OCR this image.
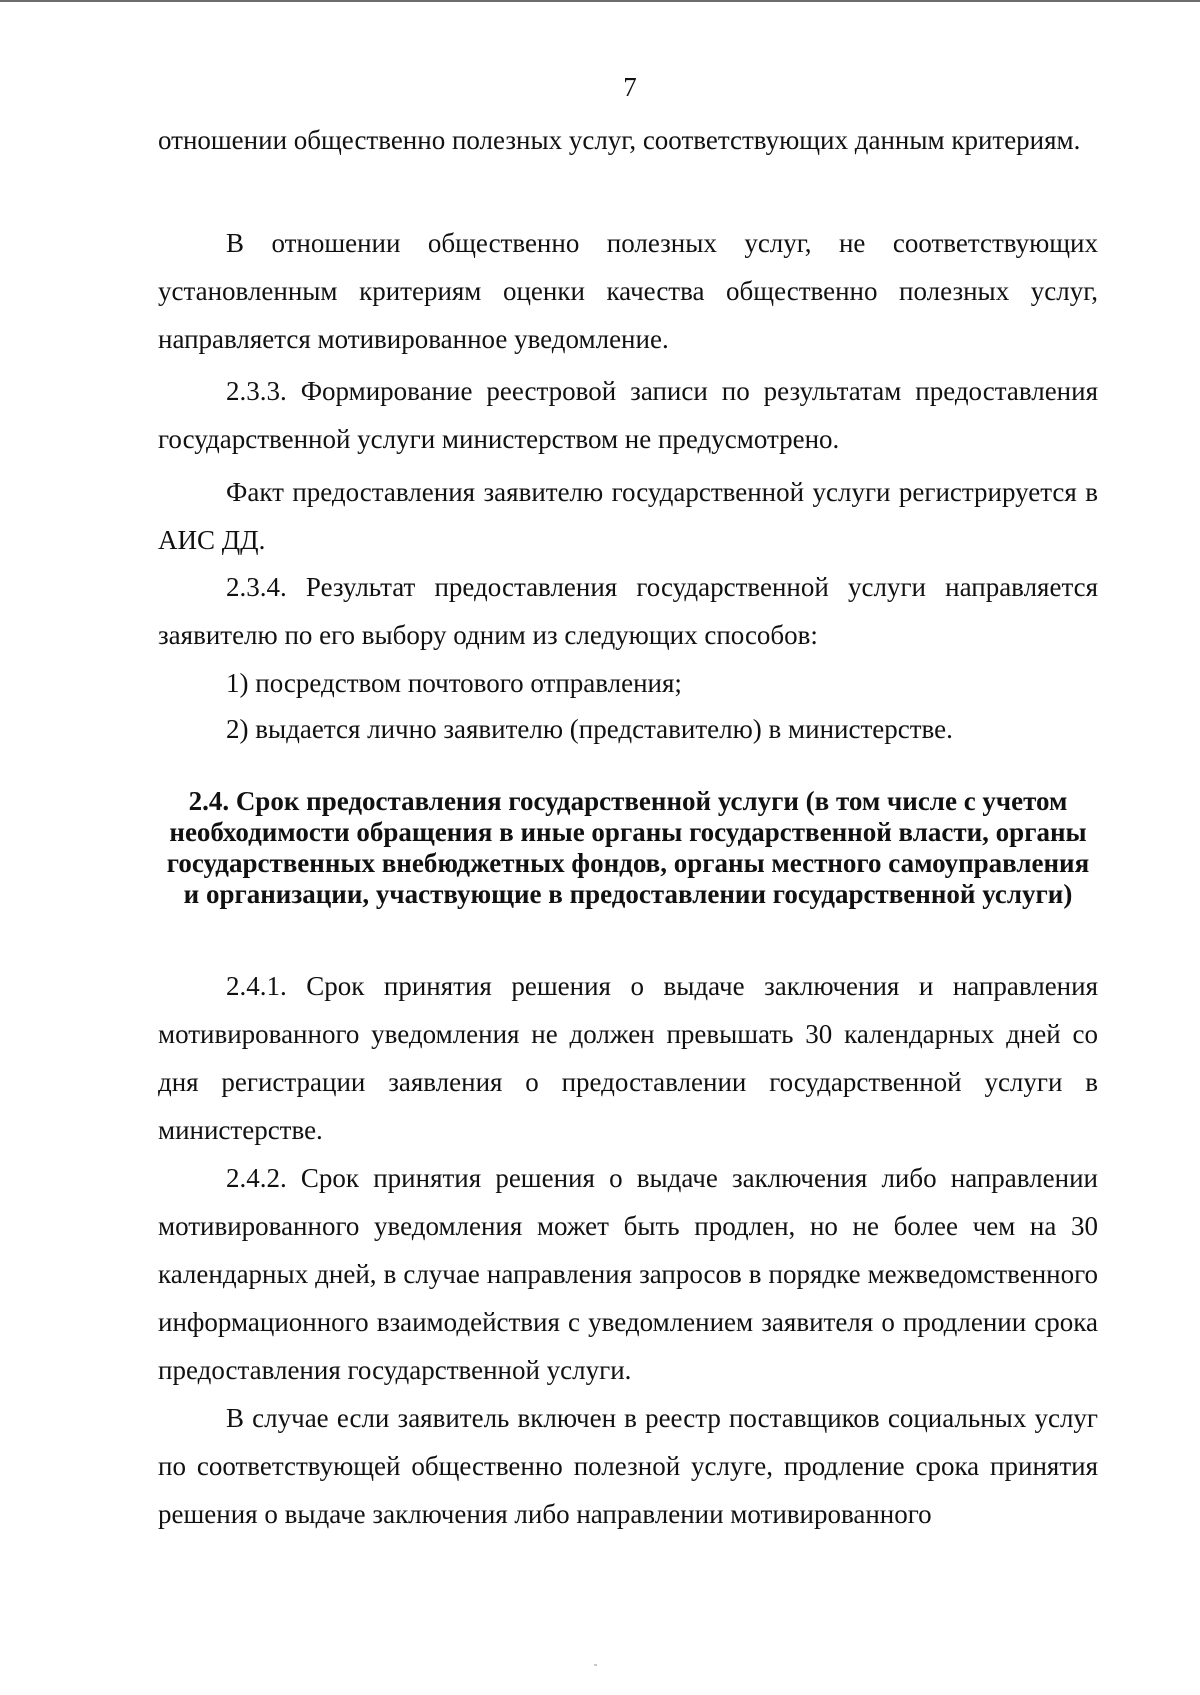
7

отношении общественно полезных услуг, соответствующих данным критериям.

В отношении общественно полезных услуг, не соответствующих установленным критериям оценки качества общественно полезных услуг, направляется мотивированное уведомление.

2.3.3. Формирование реестровой записи по результатам предоставления государственной услуги министерством не предусмотрено.

Факт предоставления заявителю государственной услуги регистрируется в АИС ДД.

2.3.4. Результат предоставления государственной услуги направляется заявителю по его выбору одним из следующих способов:

1) посредством почтового отправления;

2) выдается лично заявителю (представителю) в министерстве.

2.4. Срок предоставления государственной услуги (в том числе с учетом необходимости обращения в иные органы государственной власти, органы государственных внебюджетных фондов, органы местного самоуправления и организации, участвующие в предоставлении государственной услуги)

2.4.1. Срок принятия решения о выдаче заключения и направления мотивированного уведомления не должен превышать 30 календарных дней со дня регистрации заявления о предоставлении государственной услуги в министерстве.

2.4.2. Срок принятия решения о выдаче заключения либо направлении мотивированного уведомления может быть продлен, но не более чем на 30 календарных дней, в случае направления запросов в порядке межведомственного информационного взаимодействия с уведомлением заявителя о продлении срока предоставления государственной услуги.

В случае если заявитель включен в реестр поставщиков социальных услуг по соответствующей общественно полезной услуге, продление срока принятия решения о выдаче заключения либо направлении мотивированного
